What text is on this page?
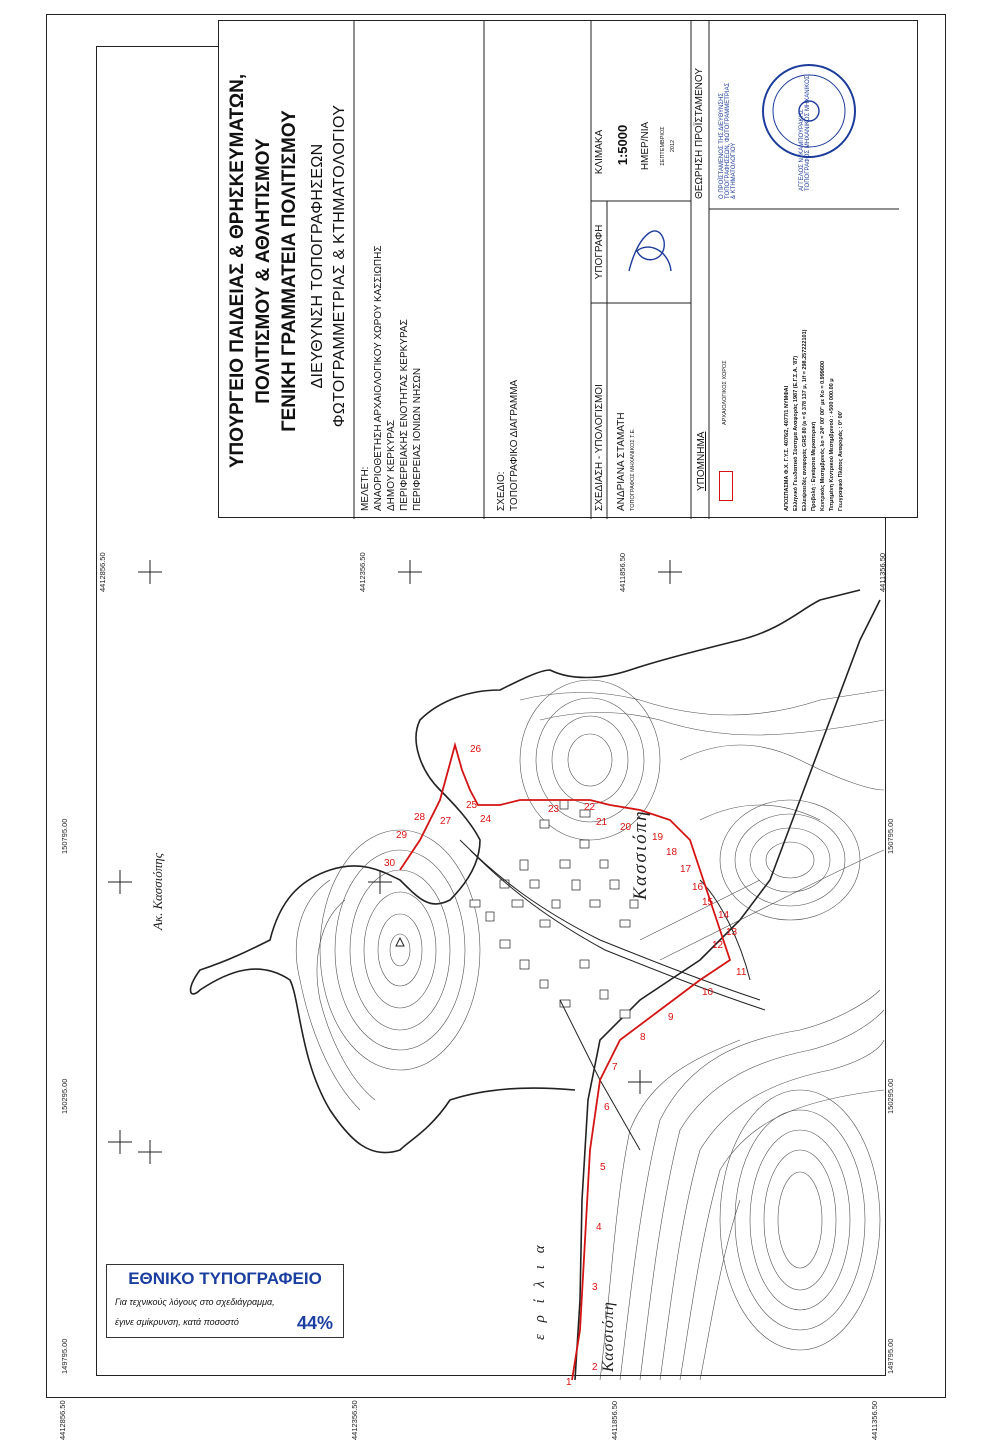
1
2
3
4
5
6
7
8
9
10
11
12
13
14
15
16
17
18
19
20
21
22
23
24
25
26
27
28
29
30
4412856.50	4412356.50	4411856.50	4411356.50
4412856.50	4412356.50	4411856.50	4411356.50
150795.00
150295.00
149795.00
150795.00
150295.00
149795.00
Ακ. Κασσιόπης	Κασσιόπη
Κασσιόπη
ε ρ ί λ ι α
ΥΠΟΥΡΓΕΙΟ ΠΑΙΔΕΙΑΣ & ΘΡΗΣΚΕΥΜΑΤΩΝ, ΠΟΛΙΤΙΣΜΟΥ & ΑΘΛΗΤΙΣΜΟΥ ΓΕΝΙΚΗ ΓΡΑΜΜΑΤΕΙΑ ΠΟΛΙΤΙΣΜΟΥ ΔΙΕΥΘΥΝΣΗ ΤΟΠΟΓΡΑΦΗΣΕΩΝ ΦΩΤΟΓΡΑΜΜΕΤΡΙΑΣ & ΚΤΗΜΑΤΟΛΟΓΙΟΥ
ΜΕΛΕΤΗ: ΑΝΑΟΡΙΟΘΕΤΗΣΗ ΑΡΧΑΙΟΛΟΓΙΚΟΥ ΧΩΡΟΥ ΚΑΣΣΙΩΠΗΣ ΔΗΜΟΥ ΚΕΡΚΥΡΑΣ ΠΕΡΙΦΕΡΕΙΑΚΗΣ ΕΝΟΤΗΤΑΣ ΚΕΡΚΥΡΑΣ ΠΕΡΙΦΕΡΕΙΑΣ ΙΟΝΙΩΝ ΝΗΣΩΝ	ΣΧΕΔΙΟ: ΤΟΠΟΓΡΑΦΙΚΟ ΔΙΑΓΡΑΜΜΑ	ΣΧΕΔΙΑΣΗ - ΥΠΟΛΟΓΙΣΜΟΙ ΑΝΔΡΙΑΝΑ ΣΤΑΜΑΤΗ ΤΟΠΟΓΡΑΦΟΣ ΜΗΧΑΝΙΚΟΣ Τ.Ε.
ΥΠΟΓΡΑΦΗ
ΚΛΙΜΑΚΑ 1:5000 ΗΜΕΡ/ΝΙΑ ΣΕΠΤΕΜΒΡΙΟΣ 2012
ΥΠΟΜΝΗΜΑ
ΑΡΧΑΙΟΛΟΓΙΚΟΣ ΧΩΡΟΣ	ΑΠΟΣΠΑΣΜΑ Φ.Χ. Γ.Υ.Σ. 4076/2, 4077/1 ΝΥΜΦΑΙ Ελληνικό Γεωδαιτικό Σύστημα Αναφοράς 1987 (Ε.Γ.Σ.Α. '87) Ελλειψοειδές αναφοράς GRS 80 (a = 6 378 137 μ, 1/f = 298.257222101) Προβολή : Εγκάρσια Μερκατορική Κεντρικός Μεσημβρινός λο = 24° 00' 00'' με Κο = 0.999600 Τετμημένη Κεντρικού Μεσημβρινού : +500 000.00 μ Γεωγραφικό Πλάτος Αναφοράς : 0° 00'
ΘΕΩΡΗΣΗ ΠΡΟΪΣΤΑΜΕΝΟΥ Ο ΠΡΟΪΣΤΑΜΕΝΟΣ ΤΗΣ ΔΙΕΥΘΥΝΣΗΣ ΤΟΠΟΓΡΑΦΗΣΕΩΝ, ΦΩΤΟΓΡΑΜΜΕΤΡΙΑΣ & ΚΤΗΜΑΤΟΛΟΓΙΟΥ	ΑΓΓΕΛΟΣ Ν. ΚΑΜΠΟΥΡΑΚΗΣ ΤΟΠΟΓΡΑΦΟΣ ΜΗΧΑΝΙΚΟΣ ΜΗΧΑΝΙΚΟΣ
ΕΘΝΙΚΟ ΤΥΠΟΓΡΑΦΕΙΟ
Για τεχνικούς λόγους στο σχεδιάγραμμα,
έγινε σμίκρυνση, κατά ποσοστό	44%
